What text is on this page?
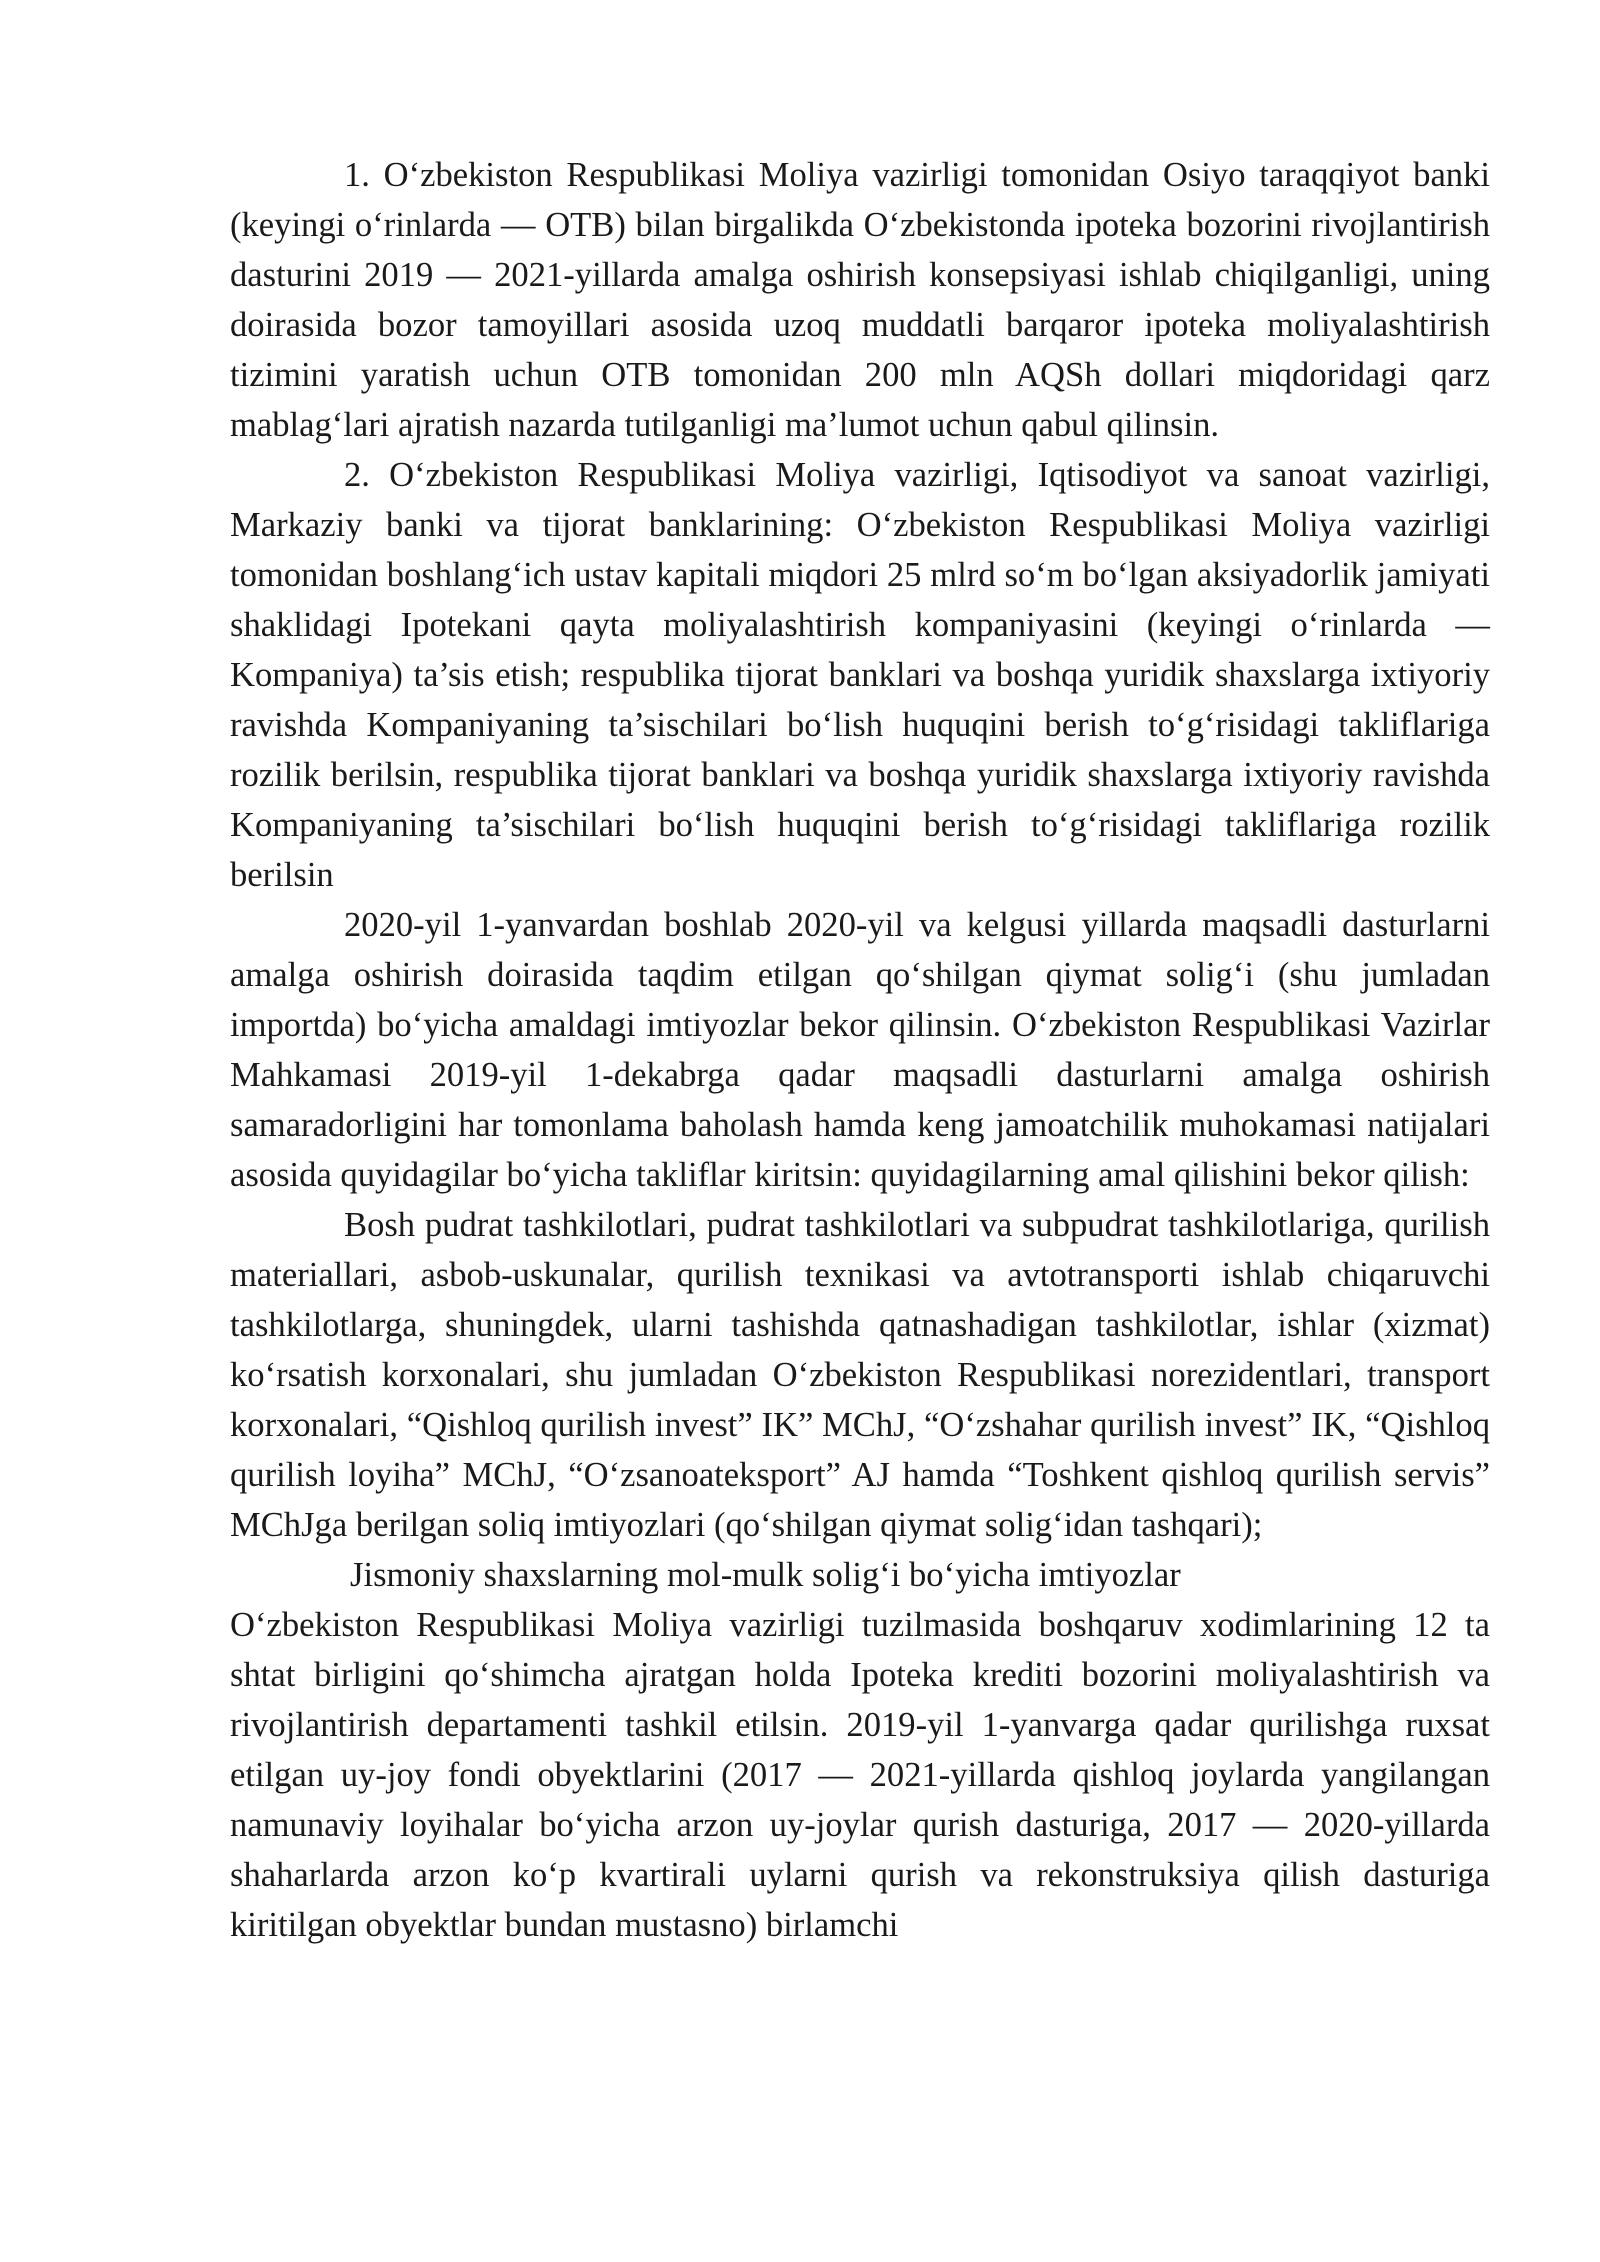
1. O‘zbekiston Respublikasi Moliya vazirligi tomonidan Osiyo taraqqiyot banki (keyingi o‘rinlarda — OTB) bilan birgalikda O‘zbekistonda ipoteka bozorini rivojlantirish dasturini 2019 — 2021-yillarda amalga oshirish konsepsiyasi ishlab chiqilganligi, uning doirasida bozor tamoyillari asosida uzoq muddatli barqaror ipoteka moliyalashtirish tizimini yaratish uchun OTB tomonidan 200 mln AQSh dollari miqdoridagi qarz mablag‘lari ajratish nazarda tutilganligi ma’lumot uchun qabul qilinsin.

2. O‘zbekiston Respublikasi Moliya vazirligi, Iqtisodiyot va sanoat vazirligi, Markaziy banki va tijorat banklarining: O‘zbekiston Respublikasi Moliya vazirligi tomonidan boshlang‘ich ustav kapitali miqdori 25 mlrd so‘m bo‘lgan aksiyadorlik jamiyati shaklidagi Ipotekani qayta moliyalashtirish kompaniyasini (keyingi o‘rinlarda — Kompaniya) ta’sis etish; respublika tijorat banklari va boshqa yuridik shaxslarga ixtiyoriy ravishda Kompaniyaning ta’sischilari bo‘lish huquqini berish to‘g‘risidagi takliflariga rozilik berilsin, respublika tijorat banklari va boshqa yuridik shaxslarga ixtiyoriy ravishda Kompaniyaning ta’sischilari bo‘lish huquqini berish to‘g‘risidagi takliflariga rozilik berilsin

2020-yil 1-yanvardan boshlab 2020-yil va kelgusi yillarda maqsadli dasturlarni amalga oshirish doirasida taqdim etilgan qo‘shilgan qiymat solig‘i (shu jumladan importda) bo‘yicha amaldagi imtiyozlar bekor qilinsin. O‘zbekiston Respublikasi Vazirlar Mahkamasi 2019-yil 1-dekabrga qadar maqsadli dasturlarni amalga oshirish samaradorligini har tomonlama baholash hamda keng jamoatchilik muhokamasi natijalari asosida quyidagilar bo‘yicha takliflar kiritsin: quyidagilarning amal qilishini bekor qilish:

Bosh pudrat tashkilotlari, pudrat tashkilotlari va subpudrat tashkilotlariga, qurilish materiallari, asbob-uskunalar, qurilish texnikasi va avtotransporti ishlab chiqaruvchi tashkilotlarga, shuningdek, ularni tashishda qatnashadigan tashkilotlar, ishlar (xizmat) ko‘rsatish korxonalari, shu jumladan O‘zbekiston Respublikasi norezidentlari, transport korxonalari, “Qishloq qurilish invest” IK” MChJ, “O‘zshahar qurilish invest” IK, “Qishloq qurilish loyiha” MChJ, “O‘zsanoateksport” AJ hamda “Toshkent qishloq qurilish servis” MChJga berilgan soliq imtiyozlari (qo‘shilgan qiymat solig‘idan tashqari);

Jismoniy shaxslarning mol-mulk solig‘i bo‘yicha imtiyozlar

O‘zbekiston Respublikasi Moliya vazirligi tuzilmasida boshqaruv xodimlarining 12 ta shtat birligini qo‘shimcha ajratgan holda Ipoteka krediti bozorini moliyalashtirish va rivojlantirish departamenti tashkil etilsin. 2019-yil 1-yanvarga qadar qurilishga ruxsat etilgan uy-joy fondi obyektlarini (2017 — 2021-yillarda qishloq joylarda yangilangan namunaviy loyihalar bo‘yicha arzon uy-joylar qurish dasturiga, 2017 — 2020-yillarda shaharlarda arzon ko‘p kvartirali uylarni qurish va rekonstruksiya qilish dasturiga kiritilgan obyektlar bundan mustasno) birlamchi
